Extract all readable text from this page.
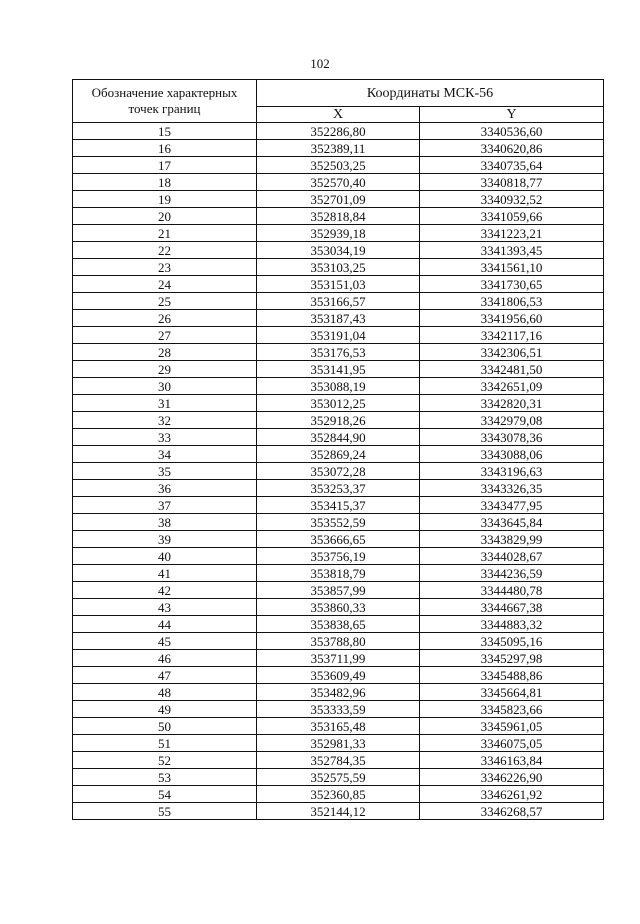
102
Обозначение характерных
точек границ	Координаты МСК-56	
	X	Y
15	352286,80	3340536,60
16	352389,11	3340620,86
17	352503,25	3340735,64
18	352570,40	3340818,77
19	352701,09	3340932,52
20	352818,84	3341059,66
21	352939,18	3341223,21
22	353034,19	3341393,45
23	353103,25	3341561,10
24	353151,03	3341730,65
25	353166,57	3341806,53
26	353187,43	3341956,60
27	353191,04	3342117,16
28	353176,53	3342306,51
29	353141,95	3342481,50
30	353088,19	3342651,09
31	353012,25	3342820,31
32	352918,26	3342979,08
33	352844,90	3343078,36
34	352869,24	3343088,06
35	353072,28	3343196,63
36	353253,37	3343326,35
37	353415,37	3343477,95
38	353552,59	3343645,84
39	353666,65	3343829,99
40	353756,19	3344028,67
41	353818,79	3344236,59
42	353857,99	3344480,78
43	353860,33	3344667,38
44	353838,65	3344883,32
45	353788,80	3345095,16
46	353711,99	3345297,98
47	353609,49	3345488,86
48	353482,96	3345664,81
49	353333,59	3345823,66
50	353165,48	3345961,05
51	352981,33	3346075,05
52	352784,35	3346163,84
53	352575,59	3346226,90
54	352360,85	3346261,92
55	352144,12	3346268,57
